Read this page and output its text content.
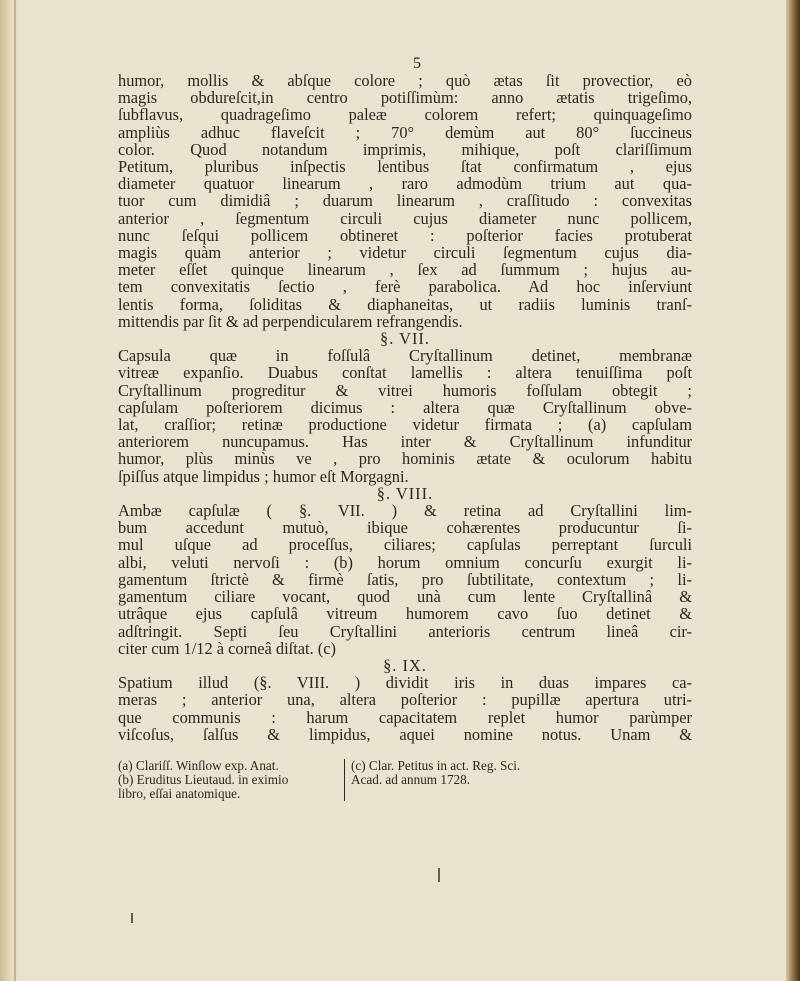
5

humor, mollis & abſque colore ; quò ætas ſit provectior, eò

magis obdureſcit,in centro potiſſimùm: anno ætatis trigeſimo,

ſubflavus, quadrageſimo paleæ colorem refert; quinquageſimo

ampliùs adhuc flaveſcit ; 70° demùm aut 80° ſuccineus

color. Quod notandum imprimis, mihique, poſt clariſſimum

Petitum, pluribus inſpectis lentibus ſtat confirmatum , ejus

diameter quatuor linearum , raro admodùm trium aut qua-

tuor cum dimidiâ ; duarum linearum , craſſitudo : convexitas

anterior , ſegmentum circuli cujus diameter nunc pollicem,

nunc ſeſqui pollicem obtineret : poſterior facies protuberat

magis quàm anterior ; videtur circuli ſegmentum cujus dia-

meter eſſet quinque linearum , ſex ad ſummum ; hujus au-

tem convexitatis ſectio , ferè parabolica. Ad hoc inſerviunt

lentis forma, ſoliditas & diaphaneitas, ut radiis luminis tranſ-

mittendis par ſit & ad perpendicularem refrangendis.

§. VII.

Capsula quæ in foſſulâ Cryſtallinum detinet, membranæ

vitreæ expanſio. Duabus conſtat lamellis : altera tenuiſſima poſt

Cryſtallinum progreditur & vitrei humoris foſſulam obtegit ;

capſulam poſteriorem dicimus : altera quæ Cryſtallinum obve-

lat, craſſior; retinæ productione videtur firmata ; (a) capſulam

anteriorem nuncupamus. Has inter & Cryſtallinum infunditur

humor, plùs minùs ve , pro hominis ætate & oculorum habitu

ſpiſſus atque limpidus ; humor eſt Morgagni.

§. VIII.

Ambæ capſulæ ( §. VII. ) & retina ad Cryſtallini lim-

bum accedunt mutuò, ibique cohærentes producuntur ſi-

mul uſque ad proceſſus, ciliares; capſulas perreptant ſurculi

albi, veluti nervoſi : (b) horum omnium concurſu exurgit li-

gamentum ſtrictè & firmè ſatis, pro ſubtilitate, contextum ; li-

gamentum ciliare vocant, quod unà cum lente Cryſtallinâ &

utrâque ejus capſulâ vitreum humorem cavo ſuo detinet &

adſtringit. Septi ſeu Cryſtallini anterioris centrum lineâ cir-

citer cum 1/12 à corneâ diſtat. (c)

§. IX.

Spatium illud (§. VIII. ) dividit iris in duas impares ca-

meras ; anterior una, altera poſterior : pupillæ apertura utri-

que communis : harum capacitatem replet humor parùmper

viſcoſus, ſalſus & limpidus, aquei nomine notus. Unam &

(a) Clariſſ. Winſlow exp. Anat.

(b) Eruditus Lieutaud. in eximio

libro, eſſai anatomique.

(c) Clar. Petitus in act. Reg. Sci.

Acad. ad annum 1728.
